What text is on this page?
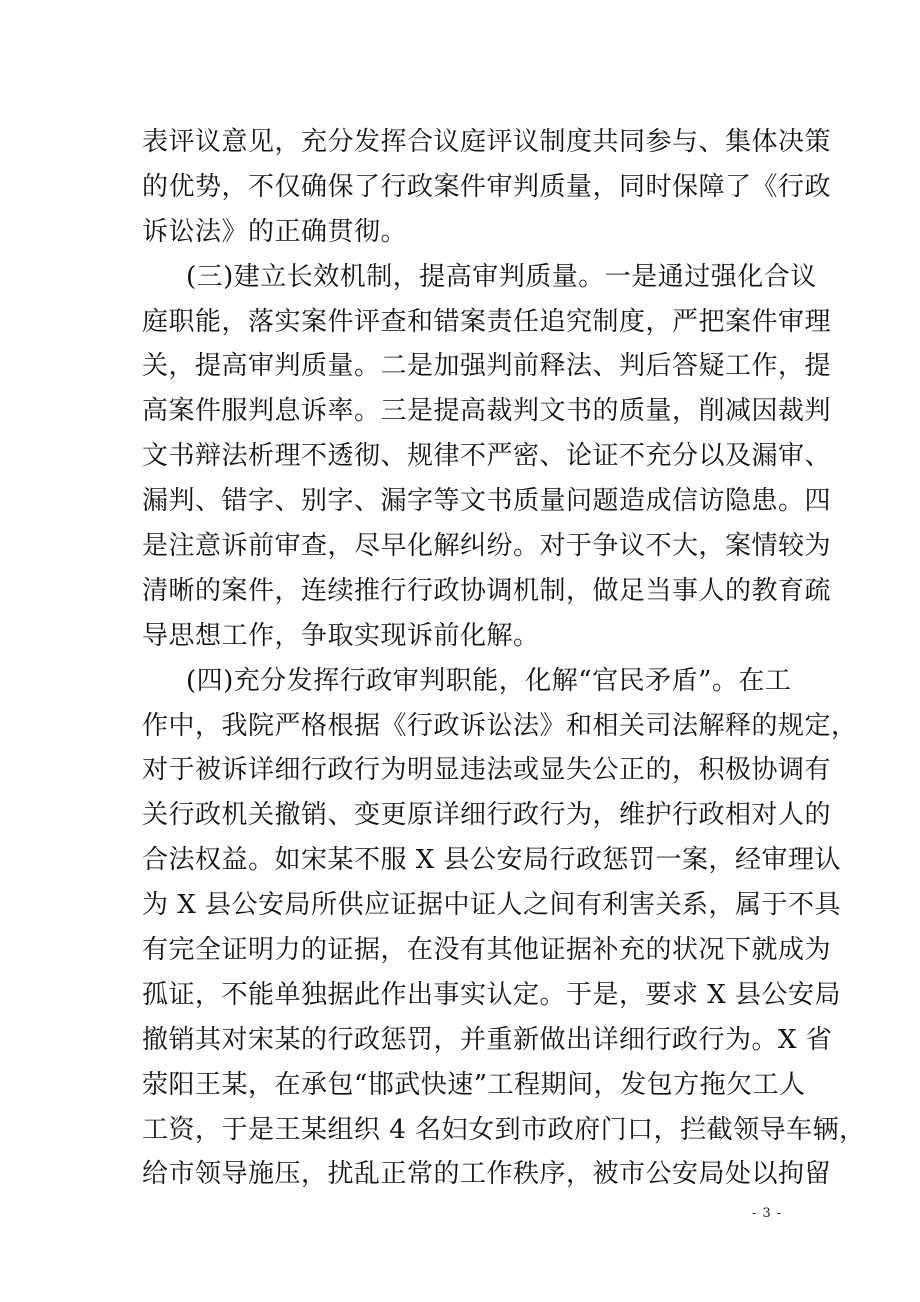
表评议意见，充分发挥合议庭评议制度共同参与、集体决策
的优势，不仅确保了行政案件审判质量，同时保障了《行政
诉讼法》的正确贯彻。
(三)建立长效机制，提高审判质量。一是通过强化合议
庭职能，落实案件评查和错案责任追究制度，严把案件审理
关，提高审判质量。二是加强判前释法、判后答疑工作，提
高案件服判息诉率。三是提高裁判文书的质量，削减因裁判
文书辩法析理不透彻、规律不严密、论证不充分以及漏审、
漏判、错字、别字、漏字等文书质量问题造成信访隐患。四
是注意诉前审查，尽早化解纠纷。对于争议不大，案情较为
清晰的案件，连续推行行政协调机制，做足当事人的教育疏
导思想工作，争取实现诉前化解。
(四)充分发挥行政审判职能，化解“官民矛盾”。在工
作中，我院严格根据《行政诉讼法》和相关司法解释的规定，
对于被诉详细行政行为明显违法或显失公正的，积极协调有
关行政机关撤销、变更原详细行政行为，维护行政相对人的
合法权益。如宋某不服 X 县公安局行政惩罚一案，经审理认
为 X 县公安局所供应证据中证人之间有利害关系，属于不具
有完全证明力的证据，在没有其他证据补充的状况下就成为
孤证，不能单独据此作出事实认定。于是，要求 X 县公安局
撤销其对宋某的行政惩罚，并重新做出详细行政行为。X 省
荥阳王某，在承包“邯武快速”工程期间，发包方拖欠工人
工资，于是王某组织 4 名妇女到市政府门口，拦截领导车辆，
给市领导施压，扰乱正常的工作秩序，被市公安局处以拘留
- 3 -
